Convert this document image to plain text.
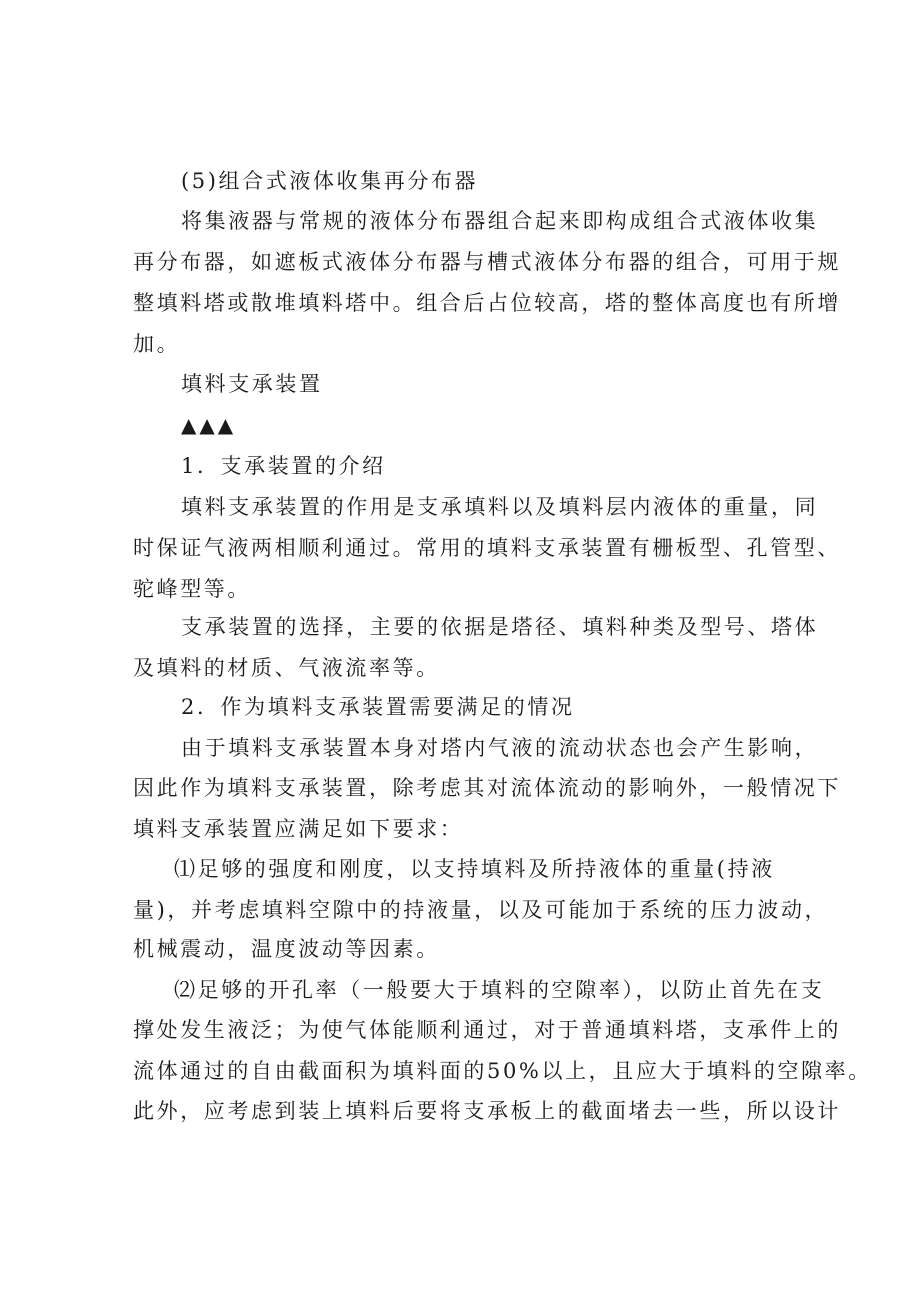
(5)组合式液体收集再分布器
将集液器与常规的液体分布器组合起来即构成组合式液体收集
再分布器，如遮板式液体分布器与槽式液体分布器的组合，可用于规
整填料塔或散堆填料塔中。组合后占位较高，塔的整体高度也有所增
加。
填料支承装置
▲▲▲
1．支承装置的介绍
填料支承装置的作用是支承填料以及填料层内液体的重量，同
时保证气液两相顺利通过。常用的填料支承装置有栅板型、孔管型、
驼峰型等。
支承装置的选择，主要的依据是塔径、填料种类及型号、塔体
及填料的材质、气液流率等。
2．作为填料支承装置需要满足的情况
由于填料支承装置本身对塔内气液的流动状态也会产生影响，
因此作为填料支承装置，除考虑其对流体流动的影响外，一般情况下
填料支承装置应满足如下要求：
⑴足够的强度和刚度，以支持填料及所持液体的重量(持液
量)，并考虑填料空隙中的持液量，以及可能加于系统的压力波动，
机械震动，温度波动等因素。
⑵足够的开孔率（一般要大于填料的空隙率），以防止首先在支
撑处发生液泛；为使气体能顺利通过，对于普通填料塔，支承件上的
流体通过的自由截面积为填料面的50%以上，且应大于填料的空隙率。
此外，应考虑到装上填料后要将支承板上的截面堵去一些，所以设计
